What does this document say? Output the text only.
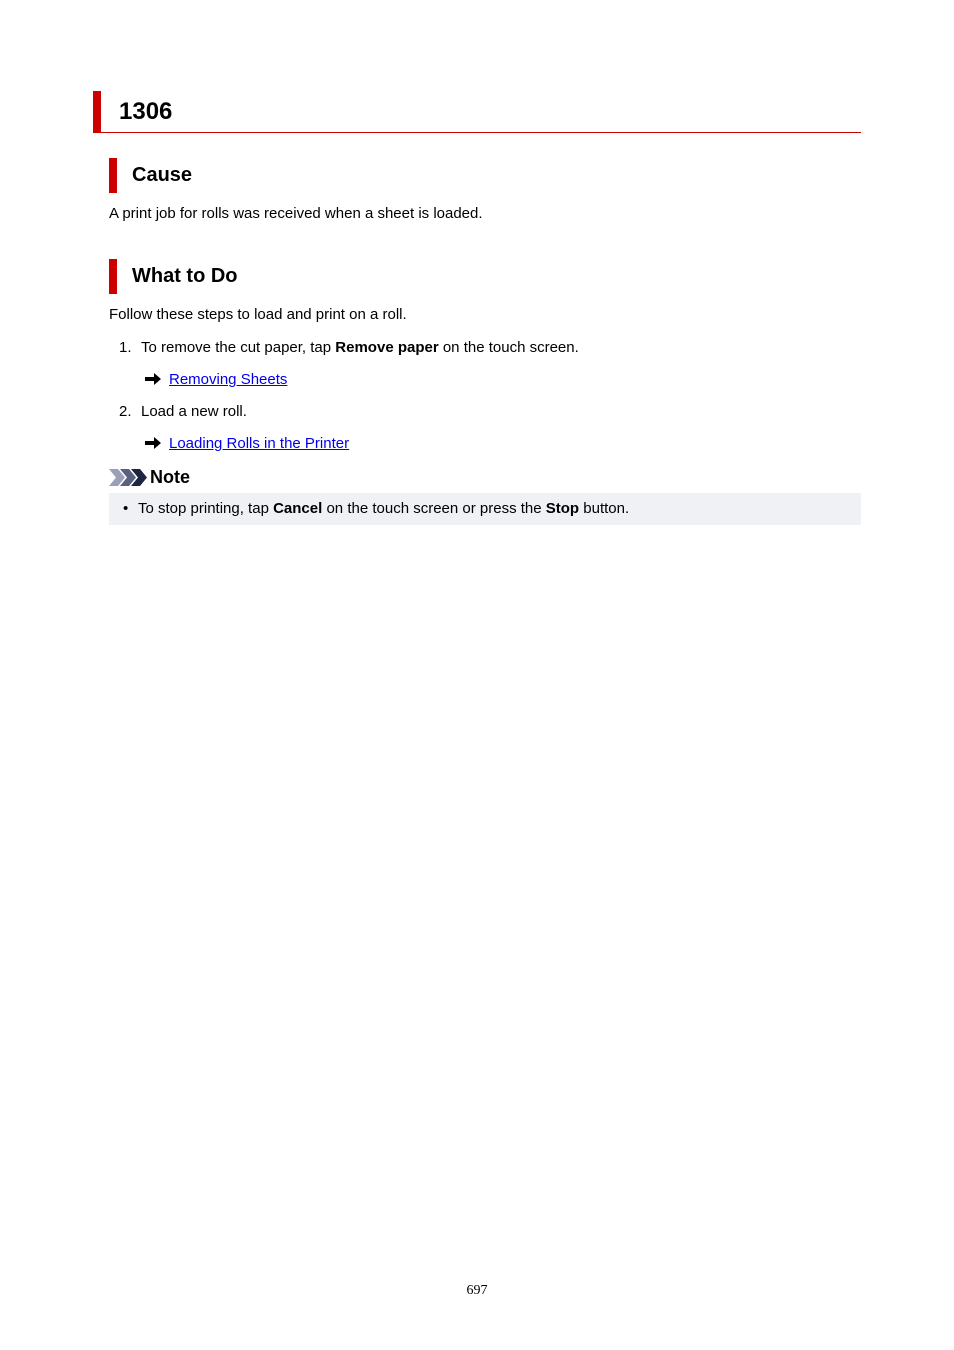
1306
Cause
A print job for rolls was received when a sheet is loaded.
What to Do
Follow these steps to load and print on a roll.
1. To remove the cut paper, tap Remove paper on the touch screen.
Removing Sheets
2. Load a new roll.
Loading Rolls in the Printer
Note
• To stop printing, tap Cancel on the touch screen or press the Stop button.
697
